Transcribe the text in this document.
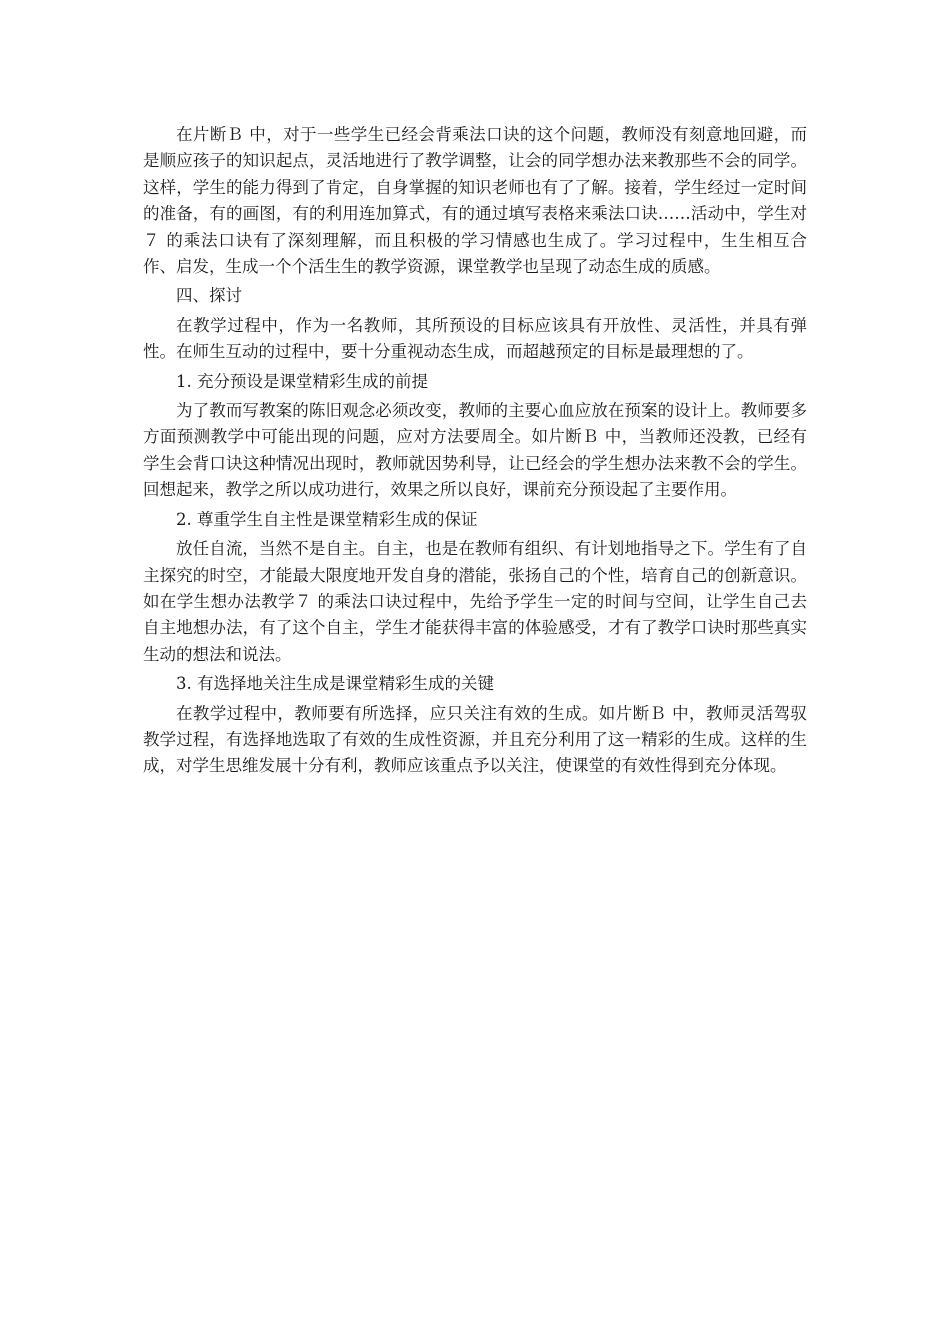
在片断Ｂ 中，对于一些学生已经会背乘法口诀的这个问题，教师没有刻意地回避，而是顺应孩子的知识起点，灵活地进行了教学调整，让会的同学想办法来教那些不会的同学。这样，学生的能力得到了肯定，自身掌握的知识老师也有了了解。接着，学生经过一定时间的准备，有的画图，有的利用连加算式，有的通过填写表格来乘法口诀……活动中，学生对７ 的乘法口诀有了深刻理解，而且积极的学习情感也生成了。学习过程中，生生相互合作、启发，生成一个个活生生的教学资源，课堂教学也呈现了动态生成的质感。

四、探讨

在教学过程中，作为一名教师，其所预设的目标应该具有开放性、灵活性，并具有弹性。在师生互动的过程中，要十分重视动态生成，而超越预定的目标是最理想的了。

1. 充分预设是课堂精彩生成的前提

为了教而写教案的陈旧观念必须改变，教师的主要心血应放在预案的设计上。教师要多方面预测教学中可能出现的问题，应对方法要周全。如片断Ｂ 中，当教师还没教，已经有学生会背口诀这种情况出现时，教师就因势利导，让已经会的学生想办法来教不会的学生。回想起来，教学之所以成功进行，效果之所以良好，课前充分预设起了主要作用。

2. 尊重学生自主性是课堂精彩生成的保证

放任自流，当然不是自主。自主，也是在教师有组织、有计划地指导之下。学生有了自主探究的时空，才能最大限度地开发自身的潜能，张扬自己的个性，培育自己的创新意识。如在学生想办法教学７ 的乘法口诀过程中，先给予学生一定的时间与空间，让学生自己去自主地想办法，有了这个自主，学生才能获得丰富的体验感受，才有了教学口诀时那些真实生动的想法和说法。

3. 有选择地关注生成是课堂精彩生成的关键

在教学过程中，教师要有所选择，应只关注有效的生成。如片断Ｂ 中，教师灵活驾驭教学过程，有选择地选取了有效的生成性资源，并且充分利用了这一精彩的生成。这样的生成，对学生思维发展十分有利，教师应该重点予以关注，使课堂的有效性得到充分体现。
